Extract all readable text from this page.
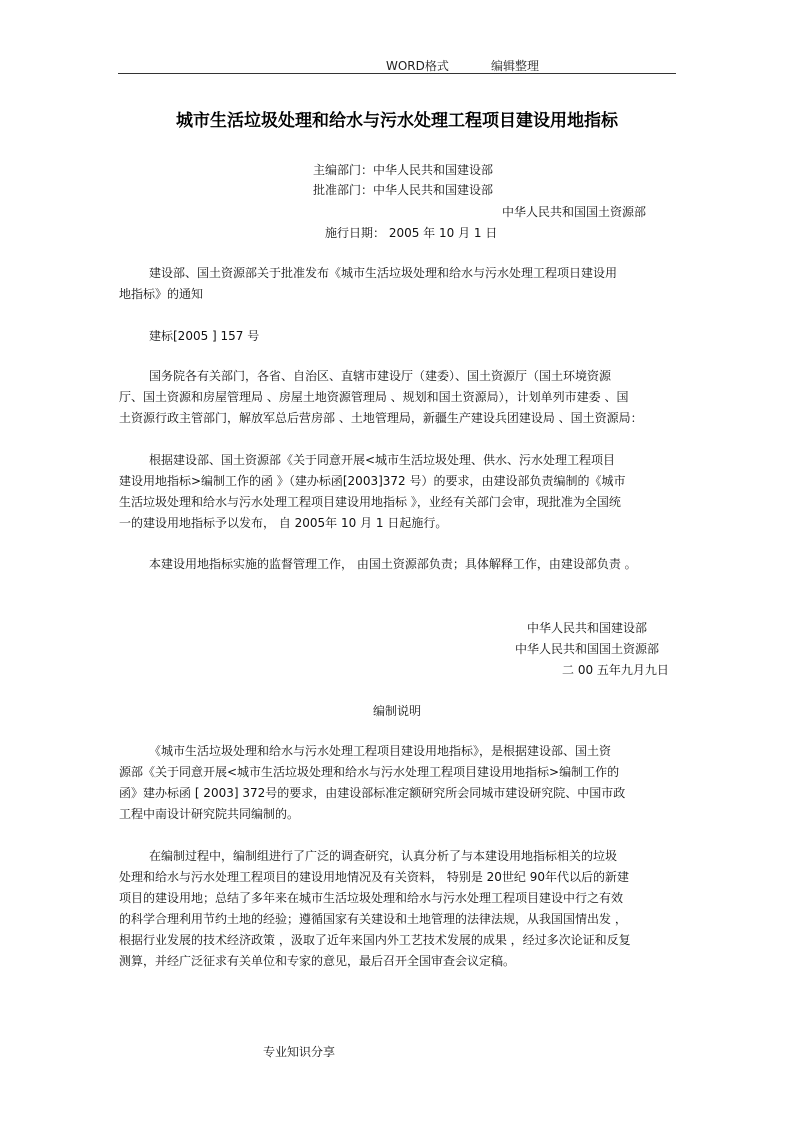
WORD格式	编辑整理
城市生活垃圾处理和给水与污水处理工程项目建设用地指标
主编部门：中华人民共和国建设部
批准部门：中华人民共和国建设部
中华人民共和国国土资源部
施行日期： 2005 年 10 月 1 日
建设部、国土资源部关于批准发布《城市生活垃圾处理和给水与污水处理工程项日建设用
地指标》的通知
建标[2005 ] 157 号
国务院各有关部门，各省、自治区、直辖市建设厅（建委）、国土资源厅（国土环境资源
厅、国土资源和房屋管理局 、房屋土地资源管理局 、规划和国土资源局），计划单列市建委 、国
土资源行政主管部门，解放军总后营房部 、土地管理局，新疆生产建设兵团建设局 、国土资源局：
根据建设部、国土资源部《关于同意开展<城市生活垃圾处理、供水、污水处理工程项目
建设用地指标>编制工作的函 》（建办标函[2003]372 号）的要求，由建设部负责编制的《城市
生活垃圾处理和给水与污水处理工程项目建设用地指标 》，业经有关部门会审，现批准为全国统
一的建设用地指标予以发布， 自 2005年 10 月 1 日起施行。
本建设用地指标实施的监督管理工作， 由国土资源部负责；具体解释工作，由建设部负责 。
中华人民共和国建设部
中华人民共和国国土资源部
二 00 五年九月九日
编制说明
《城市生活垃圾处理和给水与污水处理工程项目建设用地指标》，是根据建设部、国土资
源部《关于同意开展<城市生活垃圾处理和给水与污水处理工程项目建设用地指标>编制工作的
函》建办标函 [ 2003] 372号的要求，由建设部标准定额研究所会同城市建设研究院、中国市政
工程中南设计研究院共同编制的。
在编制过程中，编制组进行了广泛的调查研究，认真分析了与本建设用地指标相关的垃圾
处理和给水与污水处理工程项目的建设用地情况及有关资料， 特别是 20世纪 90年代以后的新建
项目的建设用地；总结了多年来在城市生活垃圾处理和给水与污水处理工程项目建设中行之有效
的科学合理利用节约土地的经验；遵循国家有关建设和土地管理的法律法规，从我国国情出发 ，
根据行业发展的技术经济政策 ，汲取了近年来国内外工艺技术发展的成果 ，经过多次论证和反复
测算，并经广泛征求有关单位和专家的意见，最后召开全国审查会议定稿。
专业知识分享
